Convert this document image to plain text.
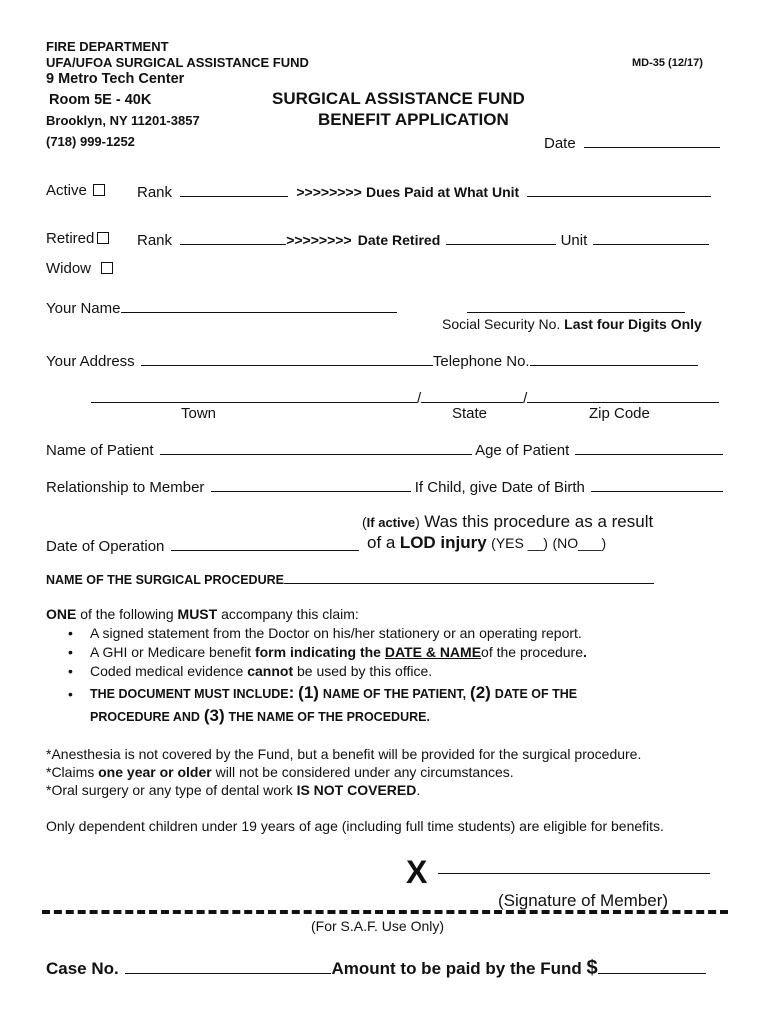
FIRE DEPARTMENT
UFA/UFOA SURGICAL ASSISTANCE FUND
9 Metro Tech Center
Room 5E - 40K
Brooklyn, NY 11201-3857
(718) 999-1252
MD-35 (12/17)
SURGICAL ASSISTANCE FUND
BENEFIT APPLICATION
Date
Active	Rank	>>>>>>>> Dues Paid at What Unit
Retired	Rank	>>>>>>>> Date Retired	Unit
Widow
Your Name
Social Security No. Last four Digits Only
Your Address	Telephone No.
/	/
Town	State	Zip Code
Name of Patient	Age of Patient
Relationship to Member	If Child, give Date of Birth
(If active) Was this procedure as a result
Date of Operation	of a LOD injury (YES __) (NO___)
NAME OF THE SURGICAL PROCEDURE
ONE of the following MUST accompany this claim:
• A signed statement from the Doctor on his/her stationery or an operating report.
• A GHI or Medicare benefit form indicating the DATE & NAMEof the procedure.
• Coded medical evidence cannot be used by this office.
• THE DOCUMENT MUST INCLUDE: (1) NAME OF THE PATIENT, (2) DATE OF THE
PROCEDURE AND (3) THE NAME OF THE PROCEDURE.
*Anesthesia is not covered by the Fund, but a benefit will be provided for the surgical procedure.
*Claims one year or older will not be considered under any circumstances.
*Oral surgery or any type of dental work IS NOT COVERED.
Only dependent children under 19 years of age (including full time students) are eligible for benefits.
X
(Signature of Member)
(For S.A.F. Use Only)
Case No.	Amount to be paid by the Fund $
